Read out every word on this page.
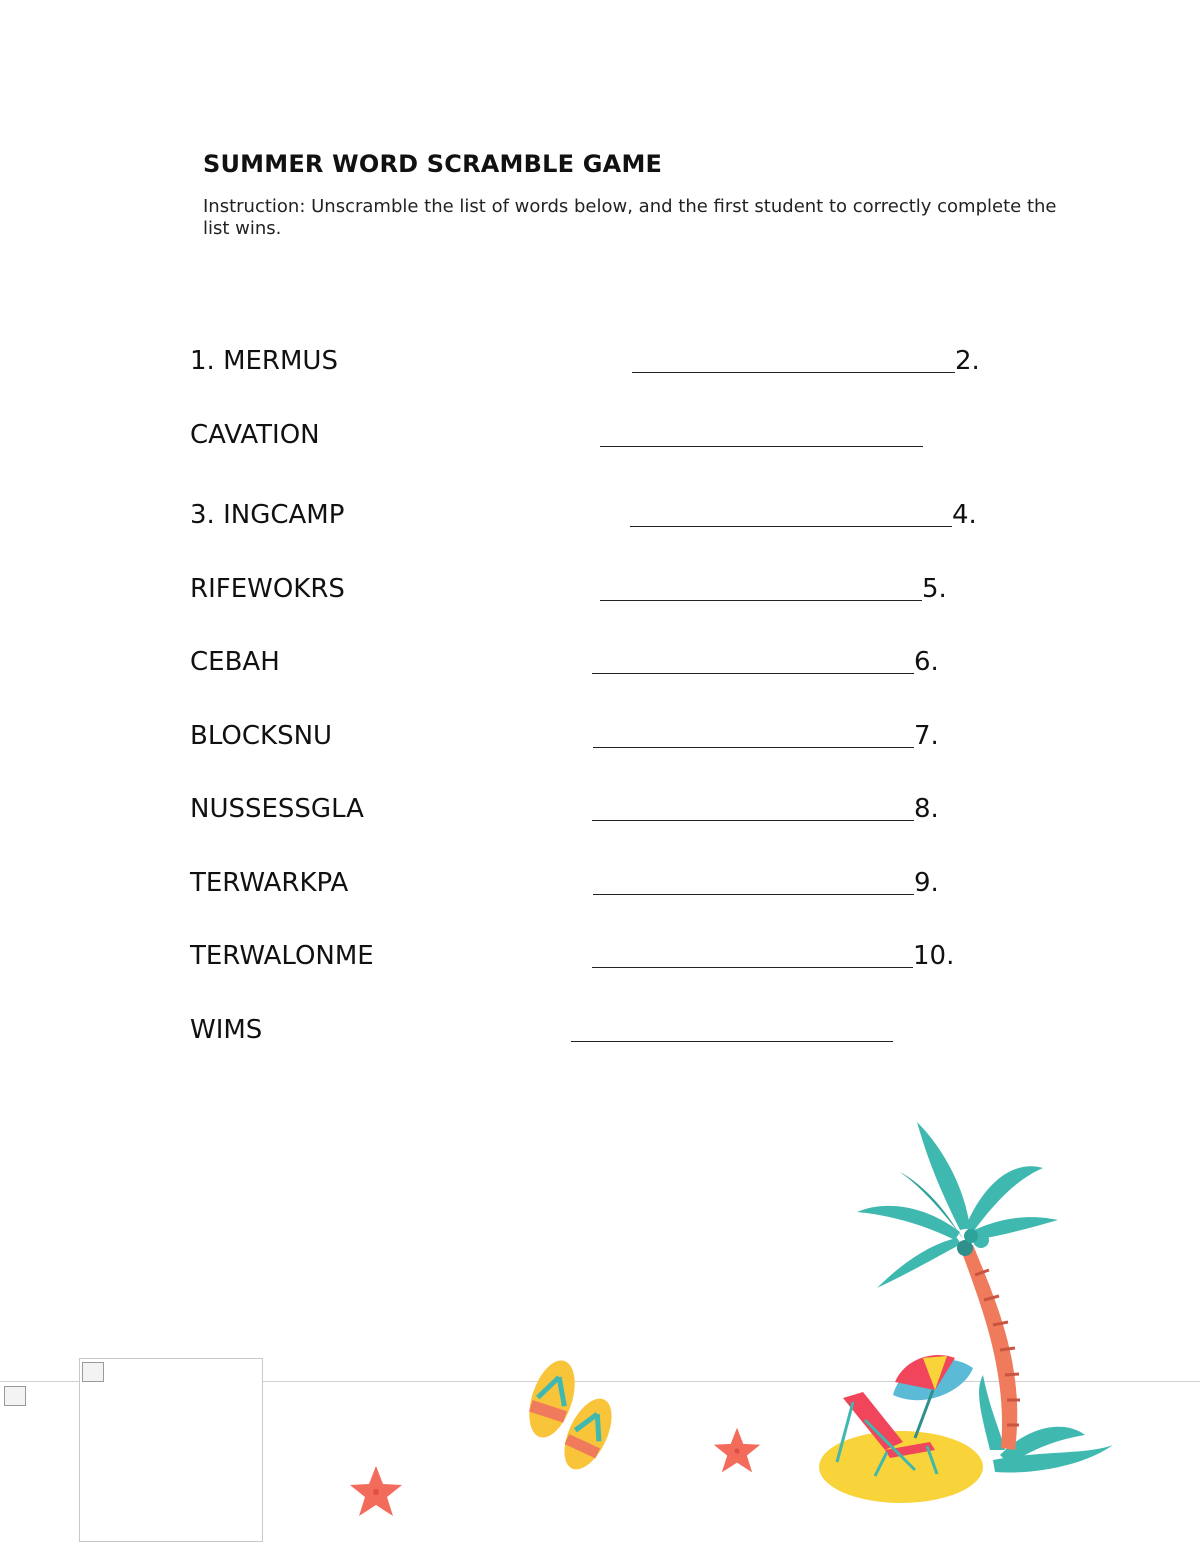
SUMMER WORD SCRAMBLE GAME

Instruction: Unscramble the list of words below, and the first student to correctly complete the list wins.

1. MERMUS	2.
CAVATION
3. INGCAMP	4.
RIFEWOKRS	5.
CEBAH	6.
BLOCKSNU	7.
NUSSESSGLA	8.
TERWARKPA	9.
TERWALONME	10.
WIMS
